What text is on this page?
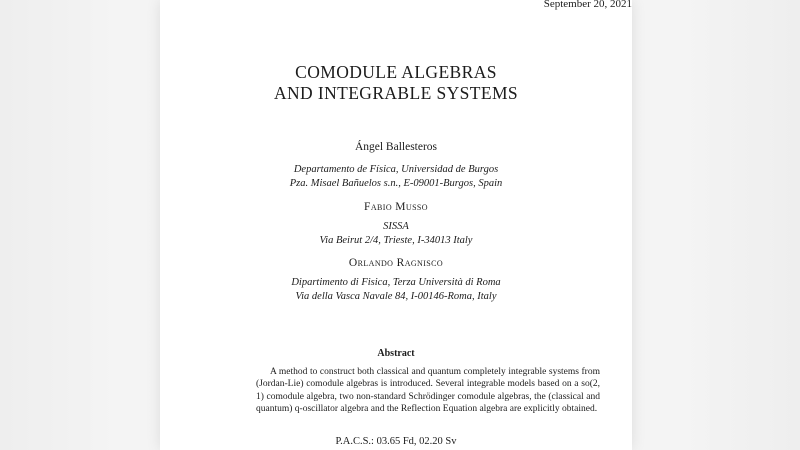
September 20, 2021
COMODULE ALGEBRAS
AND INTEGRABLE SYSTEMS
Ángel Ballesteros
Departamento de Física, Universidad de Burgos
Pza. Misael Bañuelos s.n., E-09001-Burgos, Spain
Fabio Musso
SISSA
Via Beirut 2/4, Trieste, I-34013 Italy
Orlando Ragnisco
Dipartimento di Fisica, Terza Università di Roma
Via della Vasca Navale 84, I-00146-Roma, Italy
Abstract

A method to construct both classical and quantum completely integrable systems from (Jordan-Lie) comodule algebras is introduced. Several integrable models based on a so(2, 1) comodule algebra, two non-standard Schrödinger comodule algebras, the (classical and quantum) q-oscillator algebra and the Reflection Equation algebra are explicitly obtained.

P.A.C.S.: 03.65 Fd, 02.20 Sv
